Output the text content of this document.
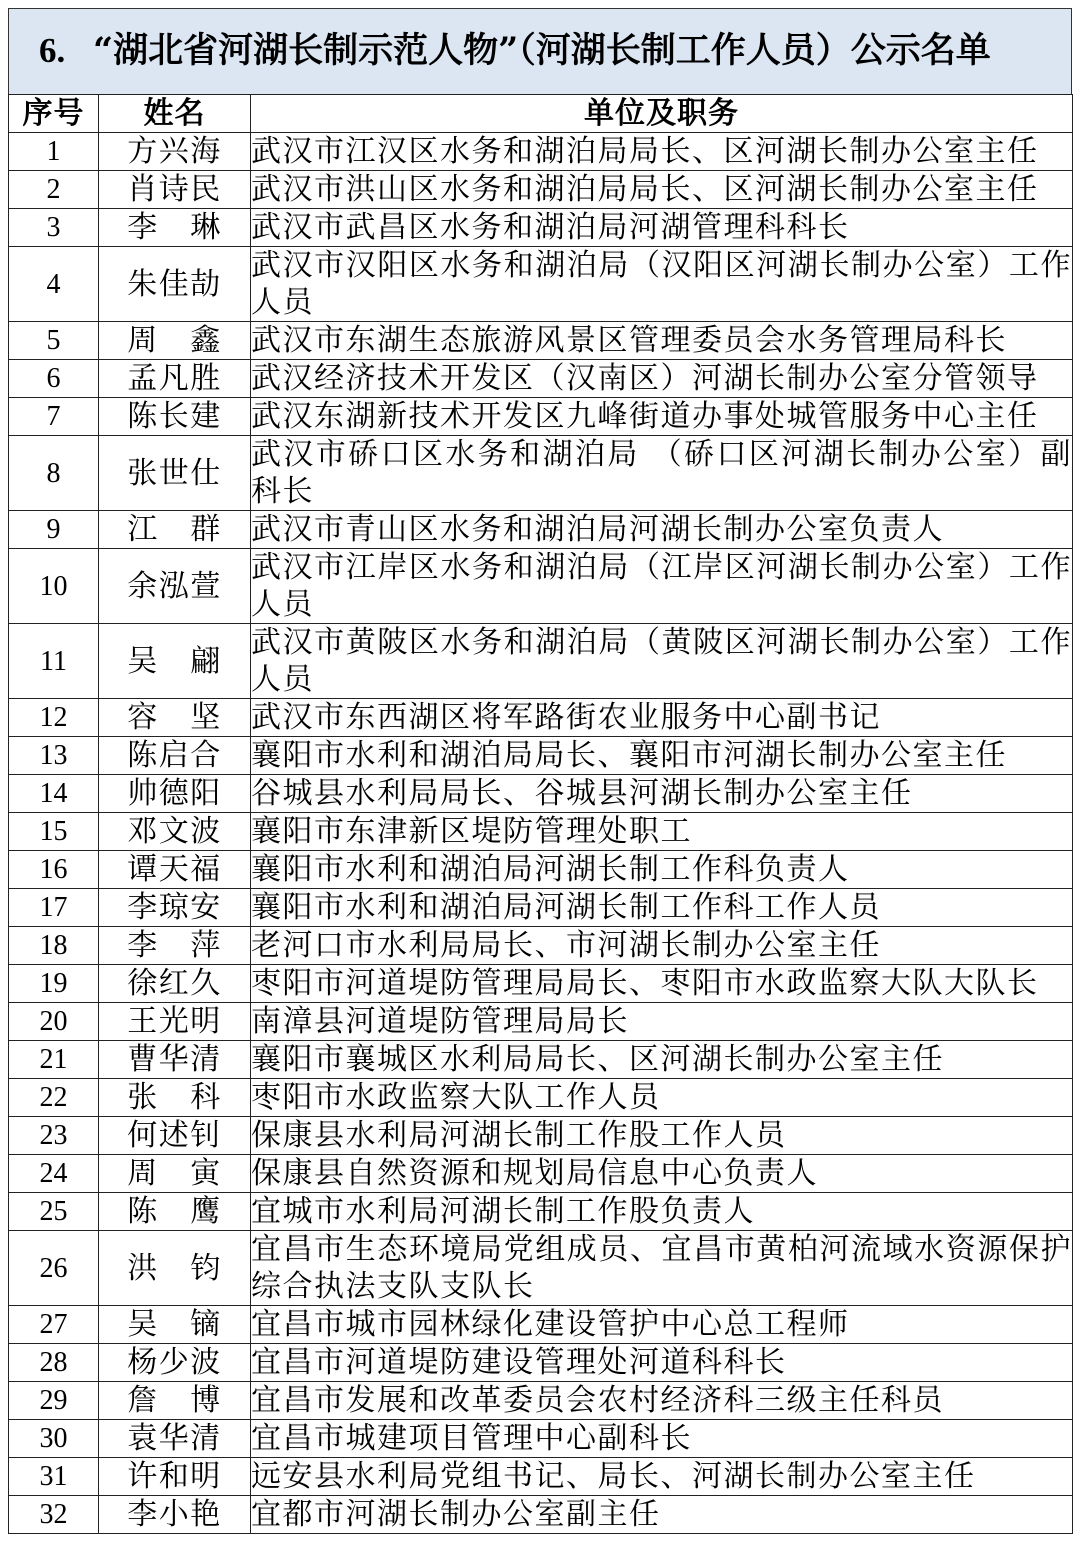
6. “湖北省河湖长制示范人物”（河湖长制工作人员）公示名单
序号	姓名	单位及职务
1	方兴海	武汉市江汉区水务和湖泊局局长、区河湖长制办公室主任
2	肖诗民	武汉市洪山区水务和湖泊局局长、区河湖长制办公室主任
3	李　琳	武汉市武昌区水务和湖泊局河湖管理科科长
4	朱佳劼	武汉市汉阳区水务和湖泊局（汉阳区河湖长制办公室）工作人员
5	周　鑫	武汉市东湖生态旅游风景区管理委员会水务管理局科长
6	孟凡胜	武汉经济技术开发区（汉南区）河湖长制办公室分管领导
7	陈长建	武汉东湖新技术开发区九峰街道办事处城管服务中心主任
8	张世仕	武汉市硚口区水务和湖泊局 （硚口区河湖长制办公室）副科长
9	江　群	武汉市青山区水务和湖泊局河湖长制办公室负责人
10	余泓萱	武汉市江岸区水务和湖泊局（江岸区河湖长制办公室）工作人员
11	吴　翩	武汉市黄陂区水务和湖泊局（黄陂区河湖长制办公室）工作人员
12	容　坚	武汉市东西湖区将军路街农业服务中心副书记
13	陈启合	襄阳市水利和湖泊局局长、襄阳市河湖长制办公室主任
14	帅德阳	谷城县水利局局长、谷城县河湖长制办公室主任
15	邓文波	襄阳市东津新区堤防管理处职工
16	谭天福	襄阳市水利和湖泊局河湖长制工作科负责人
17	李琼安	襄阳市水利和湖泊局河湖长制工作科工作人员
18	李　萍	老河口市水利局局长、市河湖长制办公室主任
19	徐红久	枣阳市河道堤防管理局局长、枣阳市水政监察大队大队长
20	王光明	南漳县河道堤防管理局局长
21	曹华清	襄阳市襄城区水利局局长、区河湖长制办公室主任
22	张　科	枣阳市水政监察大队工作人员
23	何述钊	保康县水利局河湖长制工作股工作人员
24	周　寅	保康县自然资源和规划局信息中心负责人
25	陈　鹰	宜城市水利局河湖长制工作股负责人
26	洪　钧	宜昌市生态环境局党组成员、宜昌市黄柏河流域水资源保护综合执法支队支队长
27	吴　镝	宜昌市城市园林绿化建设管护中心总工程师
28	杨少波	宜昌市河道堤防建设管理处河道科科长
29	詹　博	宜昌市发展和改革委员会农村经济科三级主任科员
30	袁华清	宜昌市城建项目管理中心副科长
31	许和明	远安县水利局党组书记、局长、河湖长制办公室主任
32	李小艳	宜都市河湖长制办公室副主任
